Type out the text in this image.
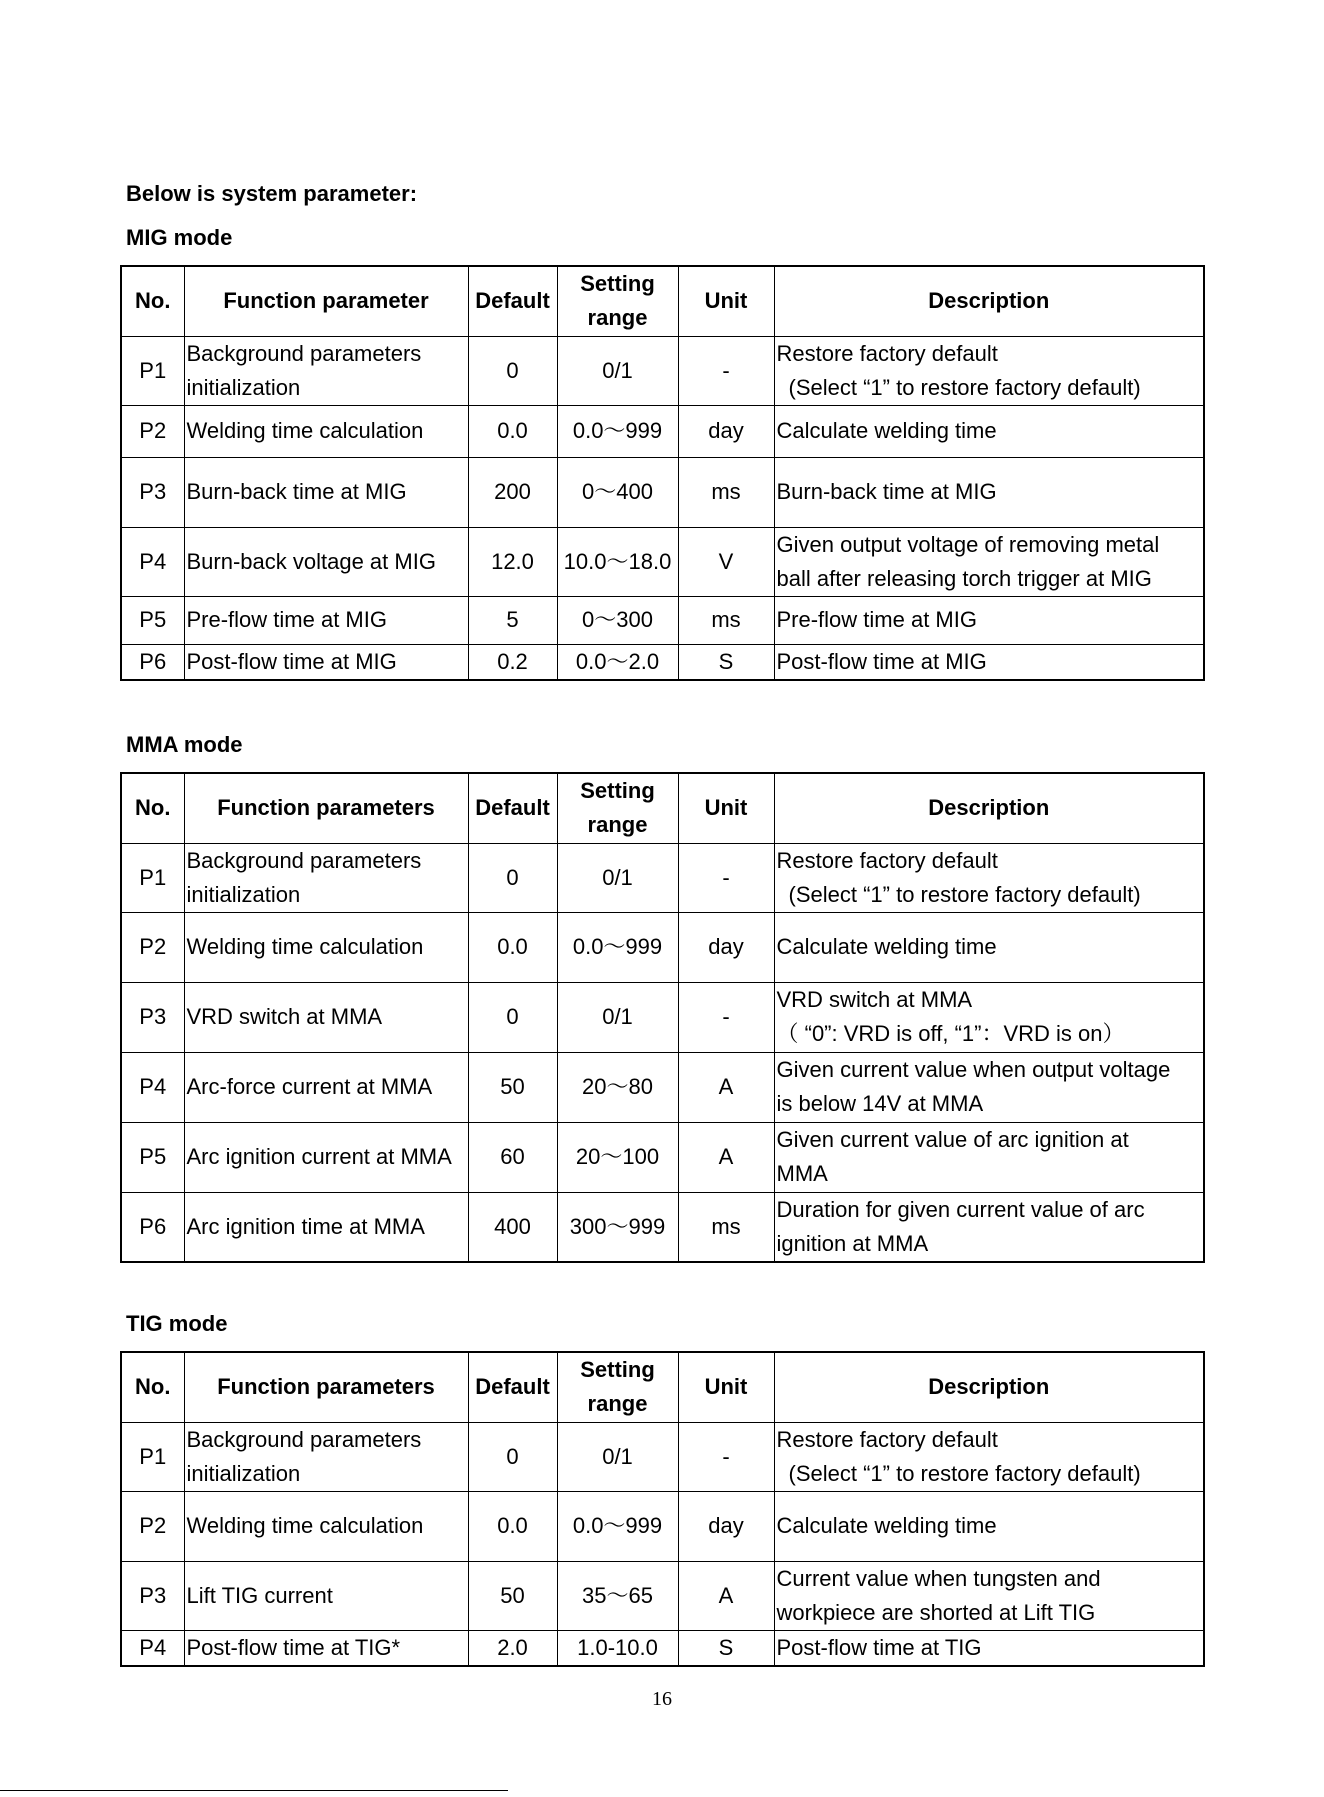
Below is system parameter:
MIG mode
No.	Function parameter	Default	Setting
range	Unit	Description
P1	Background parameters
initialization	0	0/1	-	Restore factory default
(Select “1” to restore factory default)

P2	Welding time calculation	0.0	0.0～999	day	Calculate welding time

P3	Burn-back time at MIG	200	0～400	ms	Burn-back time at MIG

P4	Burn-back voltage at MIG	12.0	10.0～18.0	V	Given output voltage of removing metal
ball after releasing torch trigger at MIG

P5	Pre-flow time at MIG	5	0～300	ms	Pre-flow time at MIG

P6	Post-flow time at MIG	0.2	0.0～2.0	S	Post-flow time at MIG
MMA mode
No.	Function parameters	Default	Setting
range	Unit	Description
P1	Background parameters
initialization	0	0/1	-	Restore factory default
(Select “1” to restore factory default)

P2	Welding time calculation	0.0	0.0～999	day	Calculate welding time

P3	VRD switch at MMA	0	0/1	-	VRD switch at MMA
（ “0”: VRD is off, “1”：VRD is on）

P4	Arc-force current at MMA	50	20～80	A	Given current value when output voltage
is below 14V at MMA

P5	Arc ignition current at MMA	60	20～100	A	Given current value of arc ignition at
MMA

P6	Arc ignition time at MMA	400	300～999	ms	Duration for given current value of arc
ignition at MMA
TIG mode
No.	Function parameters	Default	Setting
range	Unit	Description
P1	Background parameters
initialization	0	0/1	-	Restore factory default
(Select “1” to restore factory default)

P2	Welding time calculation	0.0	0.0～999	day	Calculate welding time

P3	Lift TIG current	50	35～65	A	Current value when tungsten and
workpiece are shorted at Lift TIG

P4	Post-flow time at TIG*	2.0	1.0-10.0	S	Post-flow time at TIG
16
